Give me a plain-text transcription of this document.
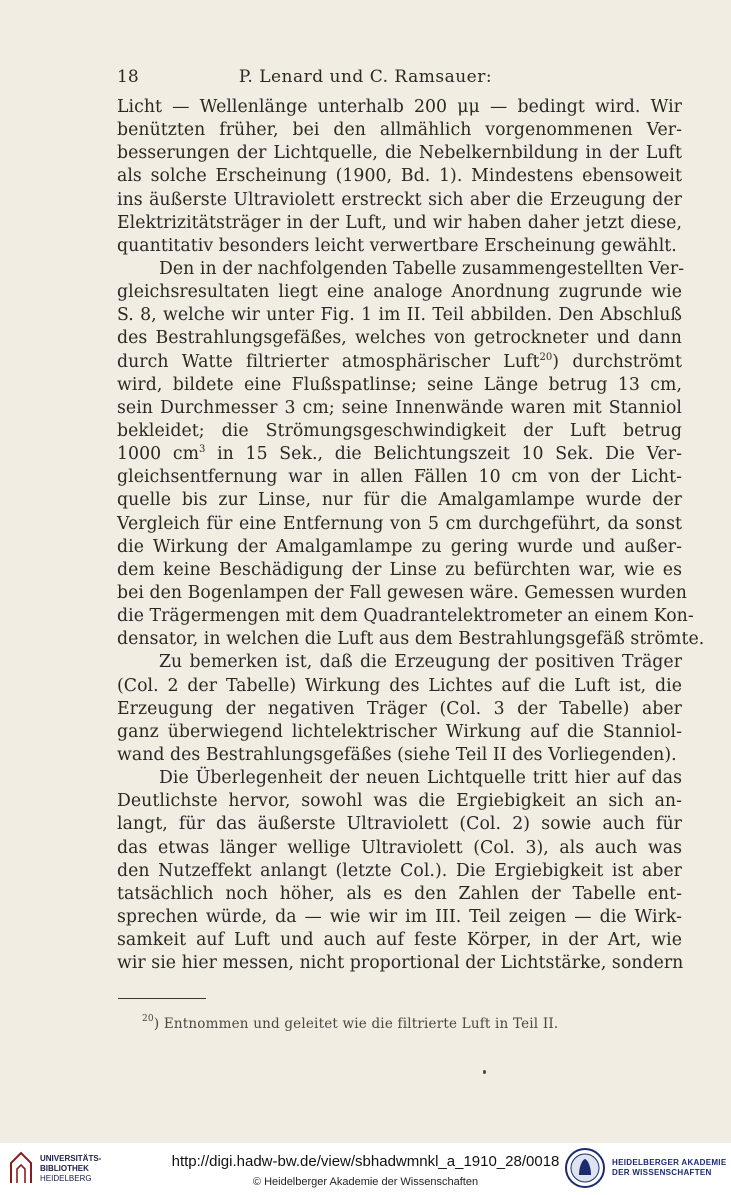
18	P. Lenard und C. Ramsauer:
Licht — Wellenlänge unterhalb 200 μμ — bedingt wird. Wir
benützten früher, bei den allmählich vorgenommenen Ver-
besserungen der Lichtquelle, die Nebelkernbildung in der Luft
als solche Erscheinung (1900, Bd. 1). Mindestens ebensoweit
ins äußerste Ultraviolett erstreckt sich aber die Erzeugung der
Elektrizitätsträger in der Luft, und wir haben daher jetzt diese,
quantitativ besonders leicht verwertbare Erscheinung gewählt.
Den in der nachfolgenden Tabelle zusammengestellten Ver-
gleichsresultaten liegt eine analoge Anordnung zugrunde wie
S. 8, welche wir unter Fig. 1 im II. Teil abbilden. Den Abschluß
des Bestrahlungsgefäßes, welches von getrockneter und dann
durch Watte filtrierter atmosphärischer Luft$^{20}$) durchströmt
wird, bildete eine Flußspatlinse; seine Länge betrug 13 cm,
sein Durchmesser 3 cm; seine Innenwände waren mit Stanniol
bekleidet; die Strömungsgeschwindigkeit der Luft betrug
1000 $cm^3$ in 15 Sek., die Belichtungszeit 10 Sek. Die Ver-
gleichsentfernung war in allen Fällen 10 cm von der Licht-
quelle bis zur Linse, nur für die Amalgamlampe wurde der
Vergleich für eine Entfernung von 5 cm durchgeführt, da sonst
die Wirkung der Amalgamlampe zu gering wurde und außer-
dem keine Beschädigung der Linse zu befürchten war, wie es
bei den Bogenlampen der Fall gewesen wäre. Gemessen wurden
die Trägermengen mit dem Quadrantelektrometer an einem Kon-
densator, in welchen die Luft aus dem Bestrahlungsgefäß strömte.
Zu bemerken ist, daß die Erzeugung der positiven Träger
(Col. 2 der Tabelle) Wirkung des Lichtes auf die Luft ist, die
Erzeugung der negativen Träger (Col. 3 der Tabelle) aber
ganz überwiegend lichtelektrischer Wirkung auf die Stanniol-
wand des Bestrahlungsgefäßes (siehe Teil II des Vorliegenden).
Die Überlegenheit der neuen Lichtquelle tritt hier auf das
Deutlichste hervor, sowohl was die Ergiebigkeit an sich an-
langt, für das äußerste Ultraviolett (Col. 2) sowie auch für
das etwas länger wellige Ultraviolett (Col. 3), als auch was
den Nutzeffekt anlangt (letzte Col.). Die Ergiebigkeit ist aber
tatsächlich noch höher, als es den Zahlen der Tabelle ent-
sprechen würde, da — wie wir im III. Teil zeigen — die Wirk-
samkeit auf Luft und auch auf feste Körper, in der Art, wie
wir sie hier messen, nicht proportional der Lichtstärke, sondern
$^{20}$) Entnommen und geleitet wie die filtrierte Luft in Teil II.
UNIVERSITÄTS-
BIBLIOTHEK
HEIDELBERG
http://digi.hadw-bw.de/view/sbhadwmnkl_a_1910_28/0018
© Heidelberger Akademie der Wissenschaften
HEIDELBERGER AKADEMIE
DER WISSENSCHAFTEN
